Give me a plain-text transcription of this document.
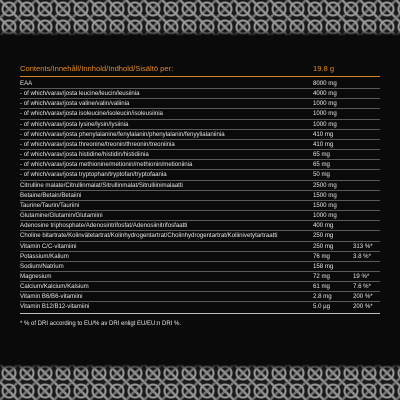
Contents/Innehåll/Innhold/Indhold/Sisältö per:	19.8 g
EAA	8000 mg
- of which/varav/josta leucine/leucin/leusiinia	4000 mg
- of which/varav/josta valine/valin/valiinia	1000 mg
- of which/varav/josta isoleucine/isoleucin/isoleusiinia	1000 mg
- of which/varav/josta lysine/lysin/lysiinia	1000 mg
- of which/varav/josta phenylalanine/fenylalanin/phenylalanin/fenyylialaniinia	410 mg
- of which/varav/josta threonine/treonin/threonin/treoniinia	410 mg
- of which/varav/josta histidine/histidin/histidiinia	65 mg
- of which/varav/josta methionine/metionin/methionin/metioniinia	65 mg
- of which/varav/josta tryptophan/tryptofan/tryptofaania	50 mg
Citrulline malate/Citrullinmalat/Sitrullinmalat/Sitrulliinimalaatti	2500 mg
Betaine/Betain/Betaiini	1500 mg
Taurine/Taurin/Tauriini	1500 mg
Glutamine/Glutamin/Glutamiini	1000 mg
Adenosine triphosphate/Adenosintrifosfat/Adenosiinitrifosfaatti	400 mg
Choline bitartrate/Kolinvätetartrat/Kolinhydrogentartrat/Cholinhydrogentartrat/Koliinivetytartraatti	250 mg
Vitamin C/C-vitamiini	250 mg	313 %*
Potassium/Kalium	76 mg	3.8 %*
Sodium/Natrium	158 mg
Magnesium	72 mg	19 %*
Calcium/Kalcium/Kalsium	61 mg	7.6 %*
Vitamin B6/B6-vitamiini	2.8 mg	200 %*
Vitamin B12/B12-vitamiini	5.0 µg	200 %*
* % of DRI according to EU/% av DRI enligt EU/EU:n DRI %.
